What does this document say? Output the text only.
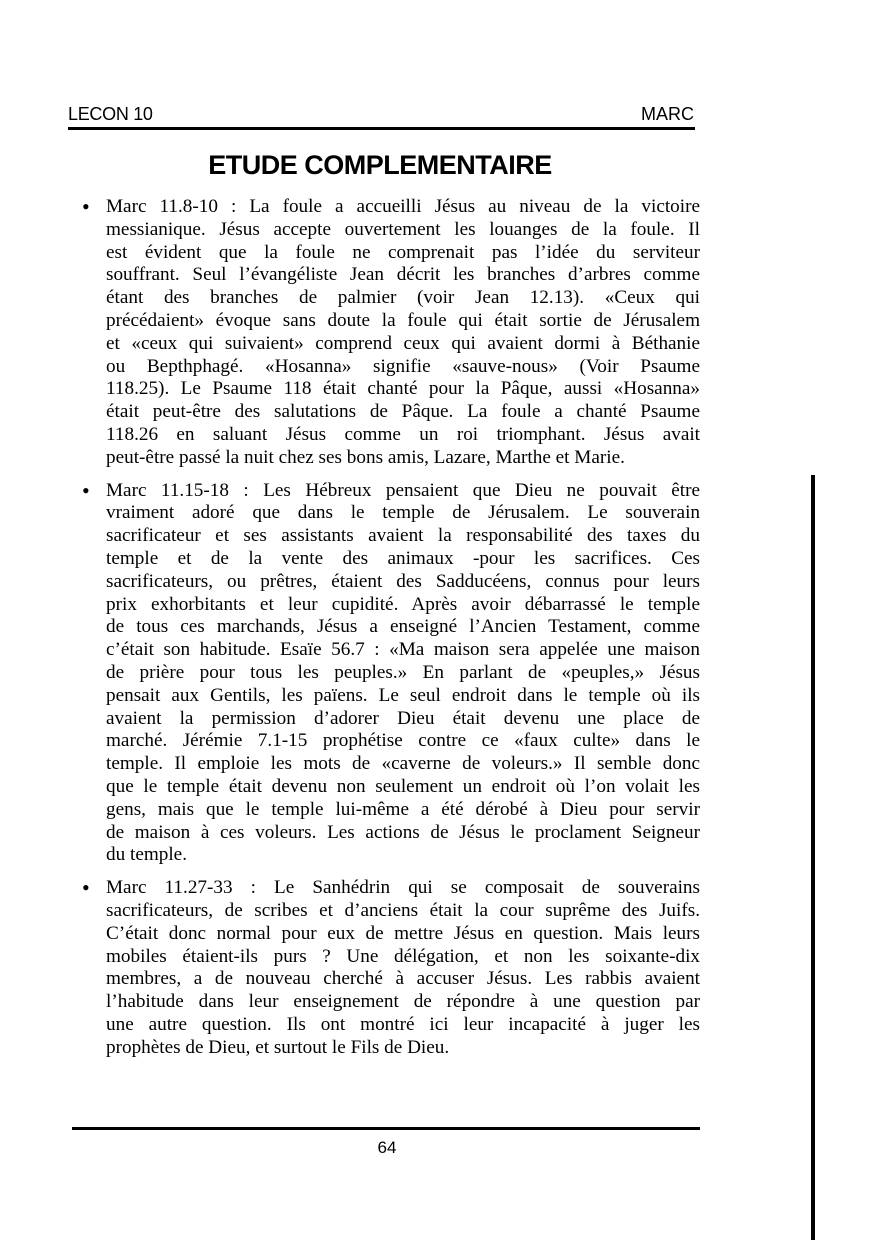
LECON 10	MARC
ETUDE COMPLEMENTAIRE
• Marc 11.8-10 : La foule a accueilli Jésus au niveau de la victoire
messianique. Jésus accepte ouvertement les louanges de la foule. Il
est évident que la foule ne comprenait pas l’idée du serviteur
souffrant. Seul l’évangéliste Jean décrit les branches d’arbres comme
étant des branches de palmier (voir Jean 12.13). «Ceux qui
précédaient» évoque sans doute la foule qui était sortie de Jérusalem
et «ceux qui suivaient» comprend ceux qui avaient dormi à Béthanie
ou Bepthphagé. «Hosanna» signifie «sauve-nous» (Voir Psaume
118.25). Le Psaume 118 était chanté pour la Pâque, aussi «Hosanna»
était peut-être des salutations de Pâque. La foule a chanté Psaume
118.26 en saluant Jésus comme un roi triomphant. Jésus avait
peut-être passé la nuit chez ses bons amis, Lazare, Marthe et Marie.
• Marc 11.15-18 : Les Hébreux pensaient que Dieu ne pouvait être
vraiment adoré que dans le temple de Jérusalem. Le souverain
sacrificateur et ses assistants avaient la responsabilité des taxes du
temple et de la vente des animaux -pour les sacrifices. Ces
sacrificateurs, ou prêtres, étaient des Sadducéens, connus pour leurs
prix exhorbitants et leur cupidité. Après avoir débarrassé le temple
de tous ces marchands, Jésus a enseigné l’Ancien Testament, comme
c’était son habitude. Esaïe 56.7 : «Ma maison sera appelée une maison
de prière pour tous les peuples.» En parlant de «peuples,» Jésus
pensait aux Gentils, les païens. Le seul endroit dans le temple où ils
avaient la permission d’adorer Dieu était devenu une place de
marché. Jérémie 7.1-15 prophétise contre ce «faux culte» dans le
temple. Il emploie les mots de «caverne de voleurs.» Il semble donc
que le temple était devenu non seulement un endroit où l’on volait les
gens, mais que le temple lui-même a été dérobé à Dieu pour servir
de maison à ces voleurs. Les actions de Jésus le proclament Seigneur
du temple.
• Marc 11.27-33 : Le Sanhédrin qui se composait de souverains
sacrificateurs, de scribes et d’anciens était la cour suprême des Juifs.
C’était donc normal pour eux de mettre Jésus en question. Mais leurs
mobiles étaient-ils purs ? Une délégation, et non les soixante-dix
membres, a de nouveau cherché à accuser Jésus. Les rabbis avaient
l’habitude dans leur enseignement de répondre à une question par
une autre question. Ils ont montré ici leur incapacité à juger les
prophètes de Dieu, et surtout le Fils de Dieu.
64
